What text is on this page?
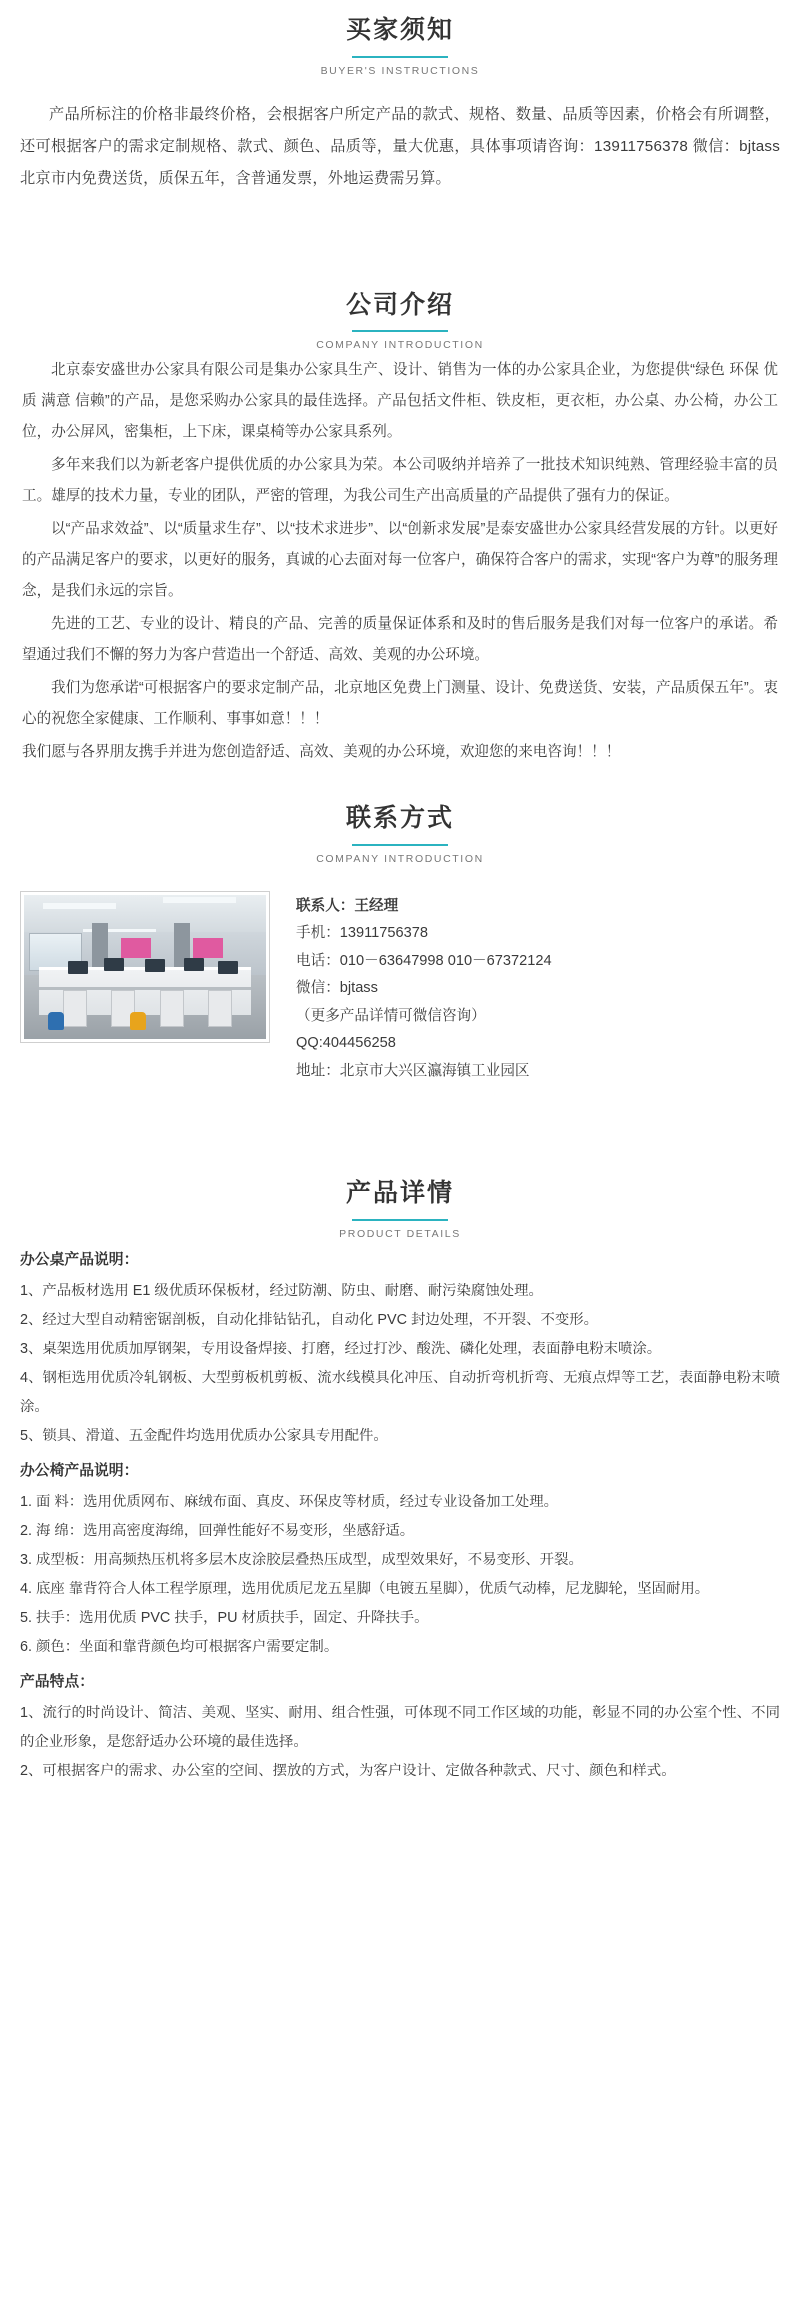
买家须知

BUYER'S INSTRUCTIONS

产品所标注的价格非最终价格，会根据客户所定产品的款式、规格、数量、品质等因素，价格会有所调整，还可根据客户的需求定制规格、款式、颜色、品质等，量大优惠，具体事项请咨询：13911756378 微信：bjtass 北京市内免费送货，质保五年，含普通发票，外地运费需另算。

公司介绍

COMPANY INTRODUCTION

北京泰安盛世办公家具有限公司是集办公家具生产、设计、销售为一体的办公家具企业，为您提供“绿色 环保 优质 满意 信赖”的产品，是您采购办公家具的最佳选择。产品包括文件柜、铁皮柜，更衣柜，办公桌、办公椅，办公工位，办公屏风，密集柜，上下床，课桌椅等办公家具系列。

多年来我们以为新老客户提供优质的办公家具为荣。本公司吸纳并培养了一批技术知识纯熟、管理经验丰富的员工。雄厚的技术力量，专业的团队，严密的管理，为我公司生产出高质量的产品提供了强有力的保证。

以“产品求效益”、以“质量求生存”、以“技术求进步”、以“创新求发展”是泰安盛世办公家具经营发展的方针。以更好的产品满足客户的要求，以更好的服务，真诚的心去面对每一位客户，确保符合客户的需求，实现“客户为尊”的服务理念，是我们永远的宗旨。

先进的工艺、专业的设计、精良的产品、完善的质量保证体系和及时的售后服务是我们对每一位客户的承诺。希望通过我们不懈的努力为客户营造出一个舒适、高效、美观的办公环境。

我们为您承诺“可根据客户的要求定制产品，北京地区免费上门测量、设计、免费送货、安装，产品质保五年”。衷心的祝您全家健康、工作顺利、事事如意！！！

我们愿与各界朋友携手并进为您创造舒适、高效、美观的办公环境，欢迎您的来电咨询！！！

联系方式

COMPANY INTRODUCTION

联系人：王经理
手机：13911756378
电话：010－63647998 010－67372124
微信：bjtass
（更多产品详情可微信咨询）
QQ:404456258
地址：北京市大兴区瀛海镇工业园区
产品详情

PRODUCT DETAILS

办公桌产品说明：

1、产品板材选用 E1 级优质环保板材，经过防潮、防虫、耐磨、耐污染腐蚀处理。

2、经过大型自动精密锯剖板，自动化排钻钻孔，自动化 PVC 封边处理，不开裂、不变形。

3、桌架选用优质加厚钢架，专用设备焊接、打磨，经过打沙、酸洗、磷化处理，表面静电粉末喷涂。

4、钢柜选用优质冷轧钢板、大型剪板机剪板、流水线模具化冲压、自动折弯机折弯、无痕点焊等工艺，表面静电粉末喷涂。

5、锁具、滑道、五金配件均选用优质办公家具专用配件。

办公椅产品说明：

1. 面 料：选用优质网布、麻绒布面、真皮、环保皮等材质，经过专业设备加工处理。

2. 海 绵：选用高密度海绵，回弹性能好不易变形，坐感舒适。

3. 成型板：用高频热压机将多层木皮涂胶层叠热压成型，成型效果好，不易变形、开裂。

4. 底座 靠背符合人体工程学原理，选用优质尼龙五星脚（电镀五星脚），优质气动棒，尼龙脚轮，坚固耐用。

5. 扶手：选用优质 PVC 扶手，PU 材质扶手，固定、升降扶手。

6. 颜色：坐面和靠背颜色均可根据客户需要定制。

产品特点：

1、流行的时尚设计、简洁、美观、坚实、耐用、组合性强，可体现不同工作区域的功能，彰显不同的办公室个性、不同的企业形象，是您舒适办公环境的最佳选择。

2、可根据客户的需求、办公室的空间、摆放的方式，为客户设计、定做各种款式、尺寸、颜色和样式。
